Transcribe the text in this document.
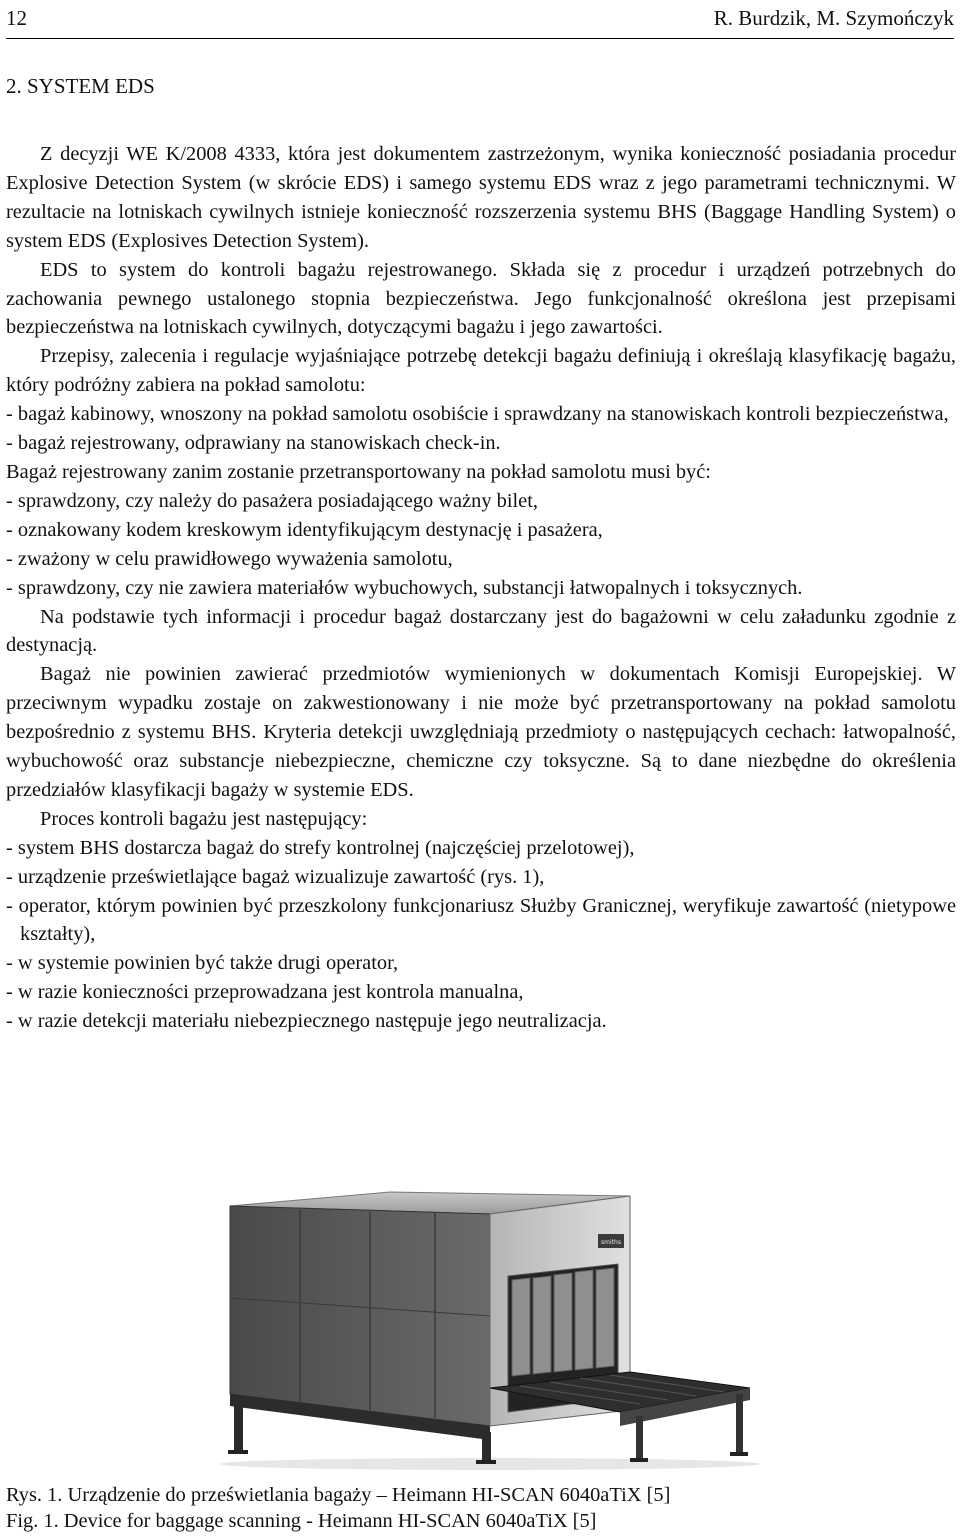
12	R. Burdzik, M. Szymończyk
2. SYSTEM EDS

Z decyzji WE K/2008 4333, która jest dokumentem zastrzeżonym, wynika konieczność posiadania procedur Explosive Detection System (w skrócie EDS) i samego systemu EDS wraz z jego parametrami technicznymi. W rezultacie na lotniskach cywilnych istnieje konieczność rozszerzenia systemu BHS (Baggage Handling System) o system EDS (Explosives Detection System).

EDS to system do kontroli bagażu rejestrowanego. Składa się z procedur i urządzeń potrzebnych do zachowania pewnego ustalonego stopnia bezpieczeństwa. Jego funkcjonalność określona jest przepisami bezpieczeństwa na lotniskach cywilnych, dotyczącymi bagażu i jego zawartości.

Przepisy, zalecenia i regulacje wyjaśniające potrzebę detekcji bagażu definiują i określają klasyfikację bagażu, który podróżny zabiera na pokład samolotu:

- bagaż kabinowy, wnoszony na pokład samolotu osobiście i sprawdzany na stanowiskach kontroli bezpieczeństwa,

- bagaż rejestrowany, odprawiany na stanowiskach check-in.

Bagaż rejestrowany zanim zostanie przetransportowany na pokład samolotu musi być:

- sprawdzony, czy należy do pasażera posiadającego ważny bilet,

- oznakowany kodem kreskowym identyfikującym destynację i pasażera,

- zważony w celu prawidłowego wyważenia samolotu,

- sprawdzony, czy nie zawiera materiałów wybuchowych, substancji łatwopalnych i toksycznych.

Na podstawie tych informacji i procedur bagaż dostarczany jest do bagażowni w celu załadunku zgodnie z destynacją.

Bagaż nie powinien zawierać przedmiotów wymienionych w dokumentach Komisji Europejskiej. W przeciwnym wypadku zostaje on zakwestionowany i nie może być przetransportowany na pokład samolotu bezpośrednio z systemu BHS. Kryteria detekcji uwzględniają przedmioty o następujących cechach: łatwopalność, wybuchowość oraz substancje niebezpieczne, chemiczne czy toksyczne. Są to dane niezbędne do określenia przedziałów klasyfikacji bagaży w systemie EDS.

Proces kontroli bagażu jest następujący:

- system BHS dostarcza bagaż do strefy kontrolnej (najczęściej przelotowej),

- urządzenie prześwietlające bagaż wizualizuje zawartość (rys. 1),

- operator, którym powinien być przeszkolony funkcjonariusz Służby Granicznej, weryfikuje zawartość (nietypowe kształty),

- w systemie powinien być także drugi operator,

- w razie konieczności przeprowadzana jest kontrola manualna,

- w razie detekcji materiału niebezpiecznego następuje jego neutralizacja.

smiths
Rys. 1. Urządzenie do prześwietlania bagaży – Heimann HI-SCAN 6040aTiX [5]
Fig. 1. Device for baggage scanning - Heimann HI-SCAN 6040aTiX [5]
